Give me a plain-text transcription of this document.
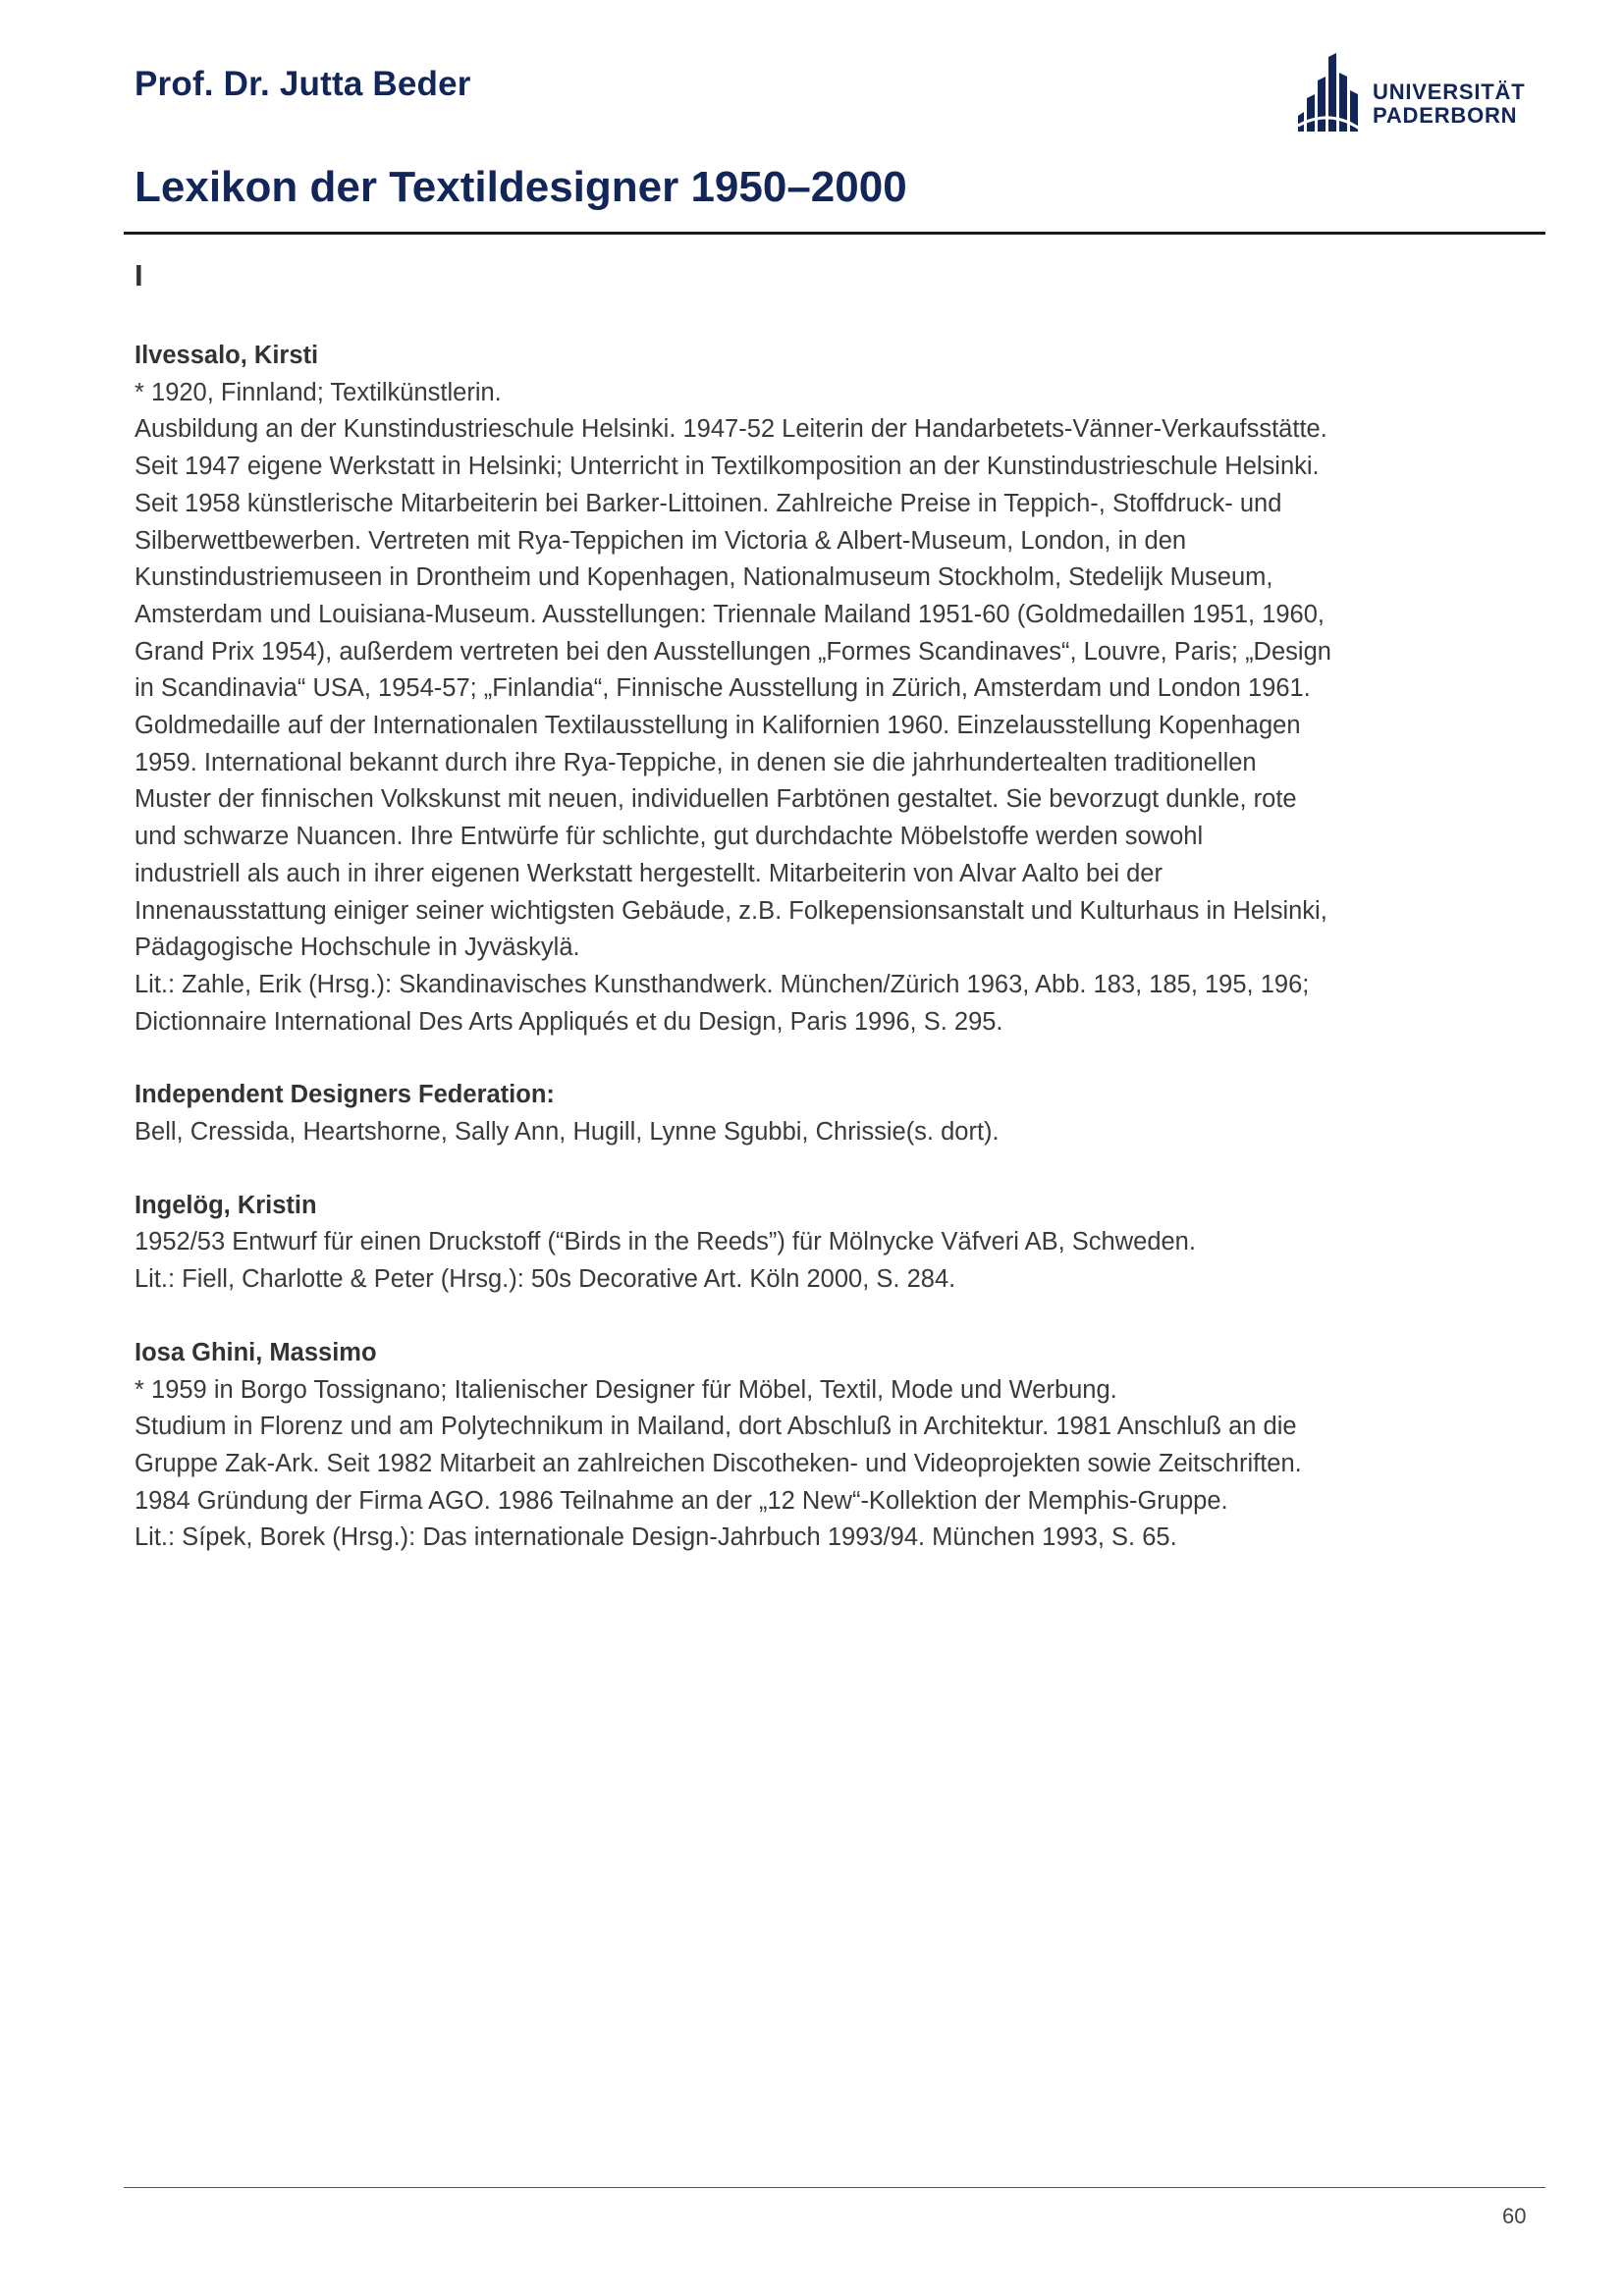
Prof. Dr. Jutta Beder	UNIVERSITÄT
PADERBORN
Lexikon der Textildesigner 1950–2000
I
Ilvessalo, Kirsti
* 1920, Finnland; Textilkünstlerin.
Ausbildung an der Kunstindustrieschule Helsinki. 1947-52 Leiterin der Handarbetets-Vänner-Verkaufsstätte.
Seit 1947 eigene Werkstatt in Helsinki; Unterricht in Textilkomposition an der Kunstindustrieschule Helsinki.
Seit 1958 künstlerische Mitarbeiterin bei Barker-Littoinen. Zahlreiche Preise in Teppich-, Stoffdruck- und
Silberwettbewerben. Vertreten mit Rya-Teppichen im Victoria & Albert-Museum, London, in den
Kunstindustriemuseen in Drontheim und Kopenhagen, Nationalmuseum Stockholm, Stedelijk Museum,
Amsterdam und Louisiana-Museum. Ausstellungen: Triennale Mailand 1951-60 (Goldmedaillen 1951, 1960,
Grand Prix 1954), außerdem vertreten bei den Ausstellungen „Formes Scandinaves“, Louvre, Paris; „Design
in Scandinavia“ USA, 1954-57; „Finlandia“, Finnische Ausstellung in Zürich, Amsterdam und London 1961.
Goldmedaille auf der Internationalen Textilausstellung in Kalifornien 1960. Einzelausstellung Kopenhagen
1959. International bekannt durch ihre Rya-Teppiche, in denen sie die jahrhundertealten traditionellen
Muster der finnischen Volkskunst mit neuen, individuellen Farbtönen gestaltet. Sie bevorzugt dunkle, rote
und schwarze Nuancen. Ihre Entwürfe für schlichte, gut durchdachte Möbelstoffe werden sowohl
industriell als auch in ihrer eigenen Werkstatt hergestellt. Mitarbeiterin von Alvar Aalto bei der
Innenausstattung einiger seiner wichtigsten Gebäude, z.B. Folkepensionsanstalt und Kulturhaus in Helsinki,
Pädagogische Hochschule in Jyväskylä.
Lit.: Zahle, Erik (Hrsg.): Skandinavisches Kunsthandwerk. München/Zürich 1963, Abb. 183, 185, 195, 196;
Dictionnaire International Des Arts Appliqués et du Design, Paris 1996, S. 295.
Independent Designers Federation:
Bell, Cressida, Heartshorne, Sally Ann, Hugill, Lynne Sgubbi, Chrissie(s. dort).
Ingelög, Kristin
1952/53 Entwurf für einen Druckstoff (“Birds in the Reeds”) für Mölnycke Väfveri AB, Schweden.
Lit.: Fiell, Charlotte & Peter (Hrsg.): 50s Decorative Art. Köln 2000, S. 284.
Iosa Ghini, Massimo
* 1959 in Borgo Tossignano; Italienischer Designer für Möbel, Textil, Mode und Werbung.
Studium in Florenz und am Polytechnikum in Mailand, dort Abschluß in Architektur. 1981 Anschluß an die
Gruppe Zak-Ark. Seit 1982 Mitarbeit an zahlreichen Discotheken- und Videoprojekten sowie Zeitschriften.
1984 Gründung der Firma AGO. 1986 Teilnahme an der „12 New“-Kollektion der Memphis-Gruppe.
Lit.: Sípek, Borek (Hrsg.): Das internationale Design-Jahrbuch 1993/94. München 1993, S. 65.
60
